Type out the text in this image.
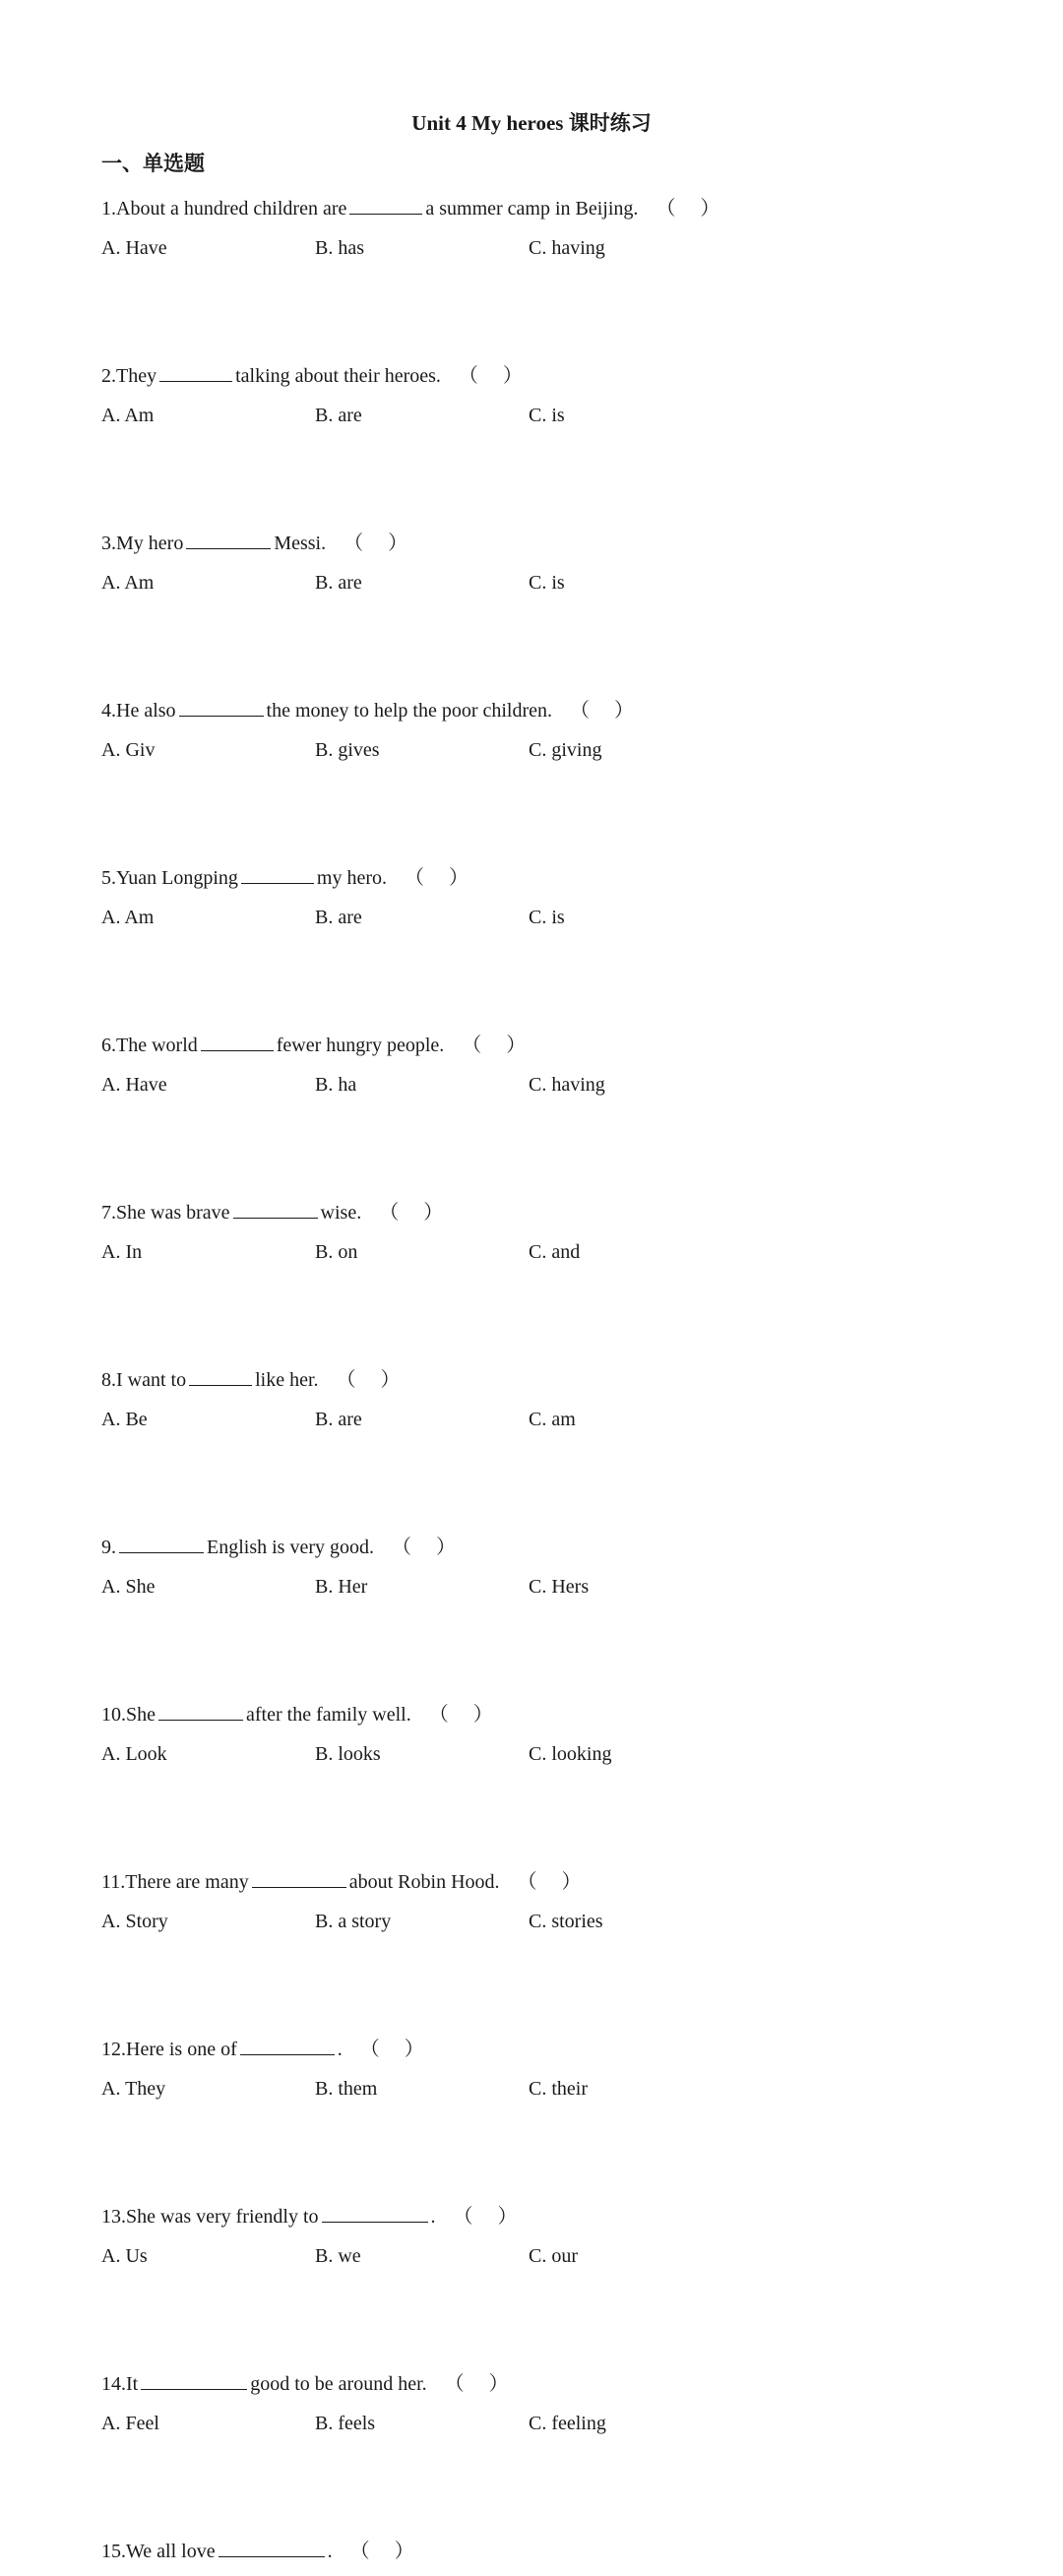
Unit 4 My heroes 课时练习
一、单选题
1.About a hundred children are	a summer camp in Beijing. （ ）
A. Have	B. has	C. having
2.They	talking about their heroes. （ ）
A. Am	B. are	C. is
3.My hero	Messi. （ ）
A. Am	B. are	C. is
4.He also	the money to help the poor children. （ ）
A. Giv	B. gives	C. giving
5.Yuan Longping	my hero. （ ）
A. Am	B. are	C. is
6.The world	fewer hungry people. （ ）
A. Have	B. ha	C. having
7.She was brave	wise. （ ）
A. In	B. on	C. and
8.I want to	like her. （ ）
A. Be	B. are	C. am
9.	English is very good. （ ）
A. She	B. Her	C. Hers
10.She	after the family well. （ ）
A. Look	B. looks	C. looking
11.There are many	about Robin Hood. （ ）
A. Story	B. a story	C. stories
12.Here is one of	. （ ）
A. They	B. them	C. their
13.She was very friendly to	. （ ）
A. Us	B. we	C. our
14.It	good to be around her. （ ）
A. Feel	B. feels	C. feeling
15.We all love	. （ ）
